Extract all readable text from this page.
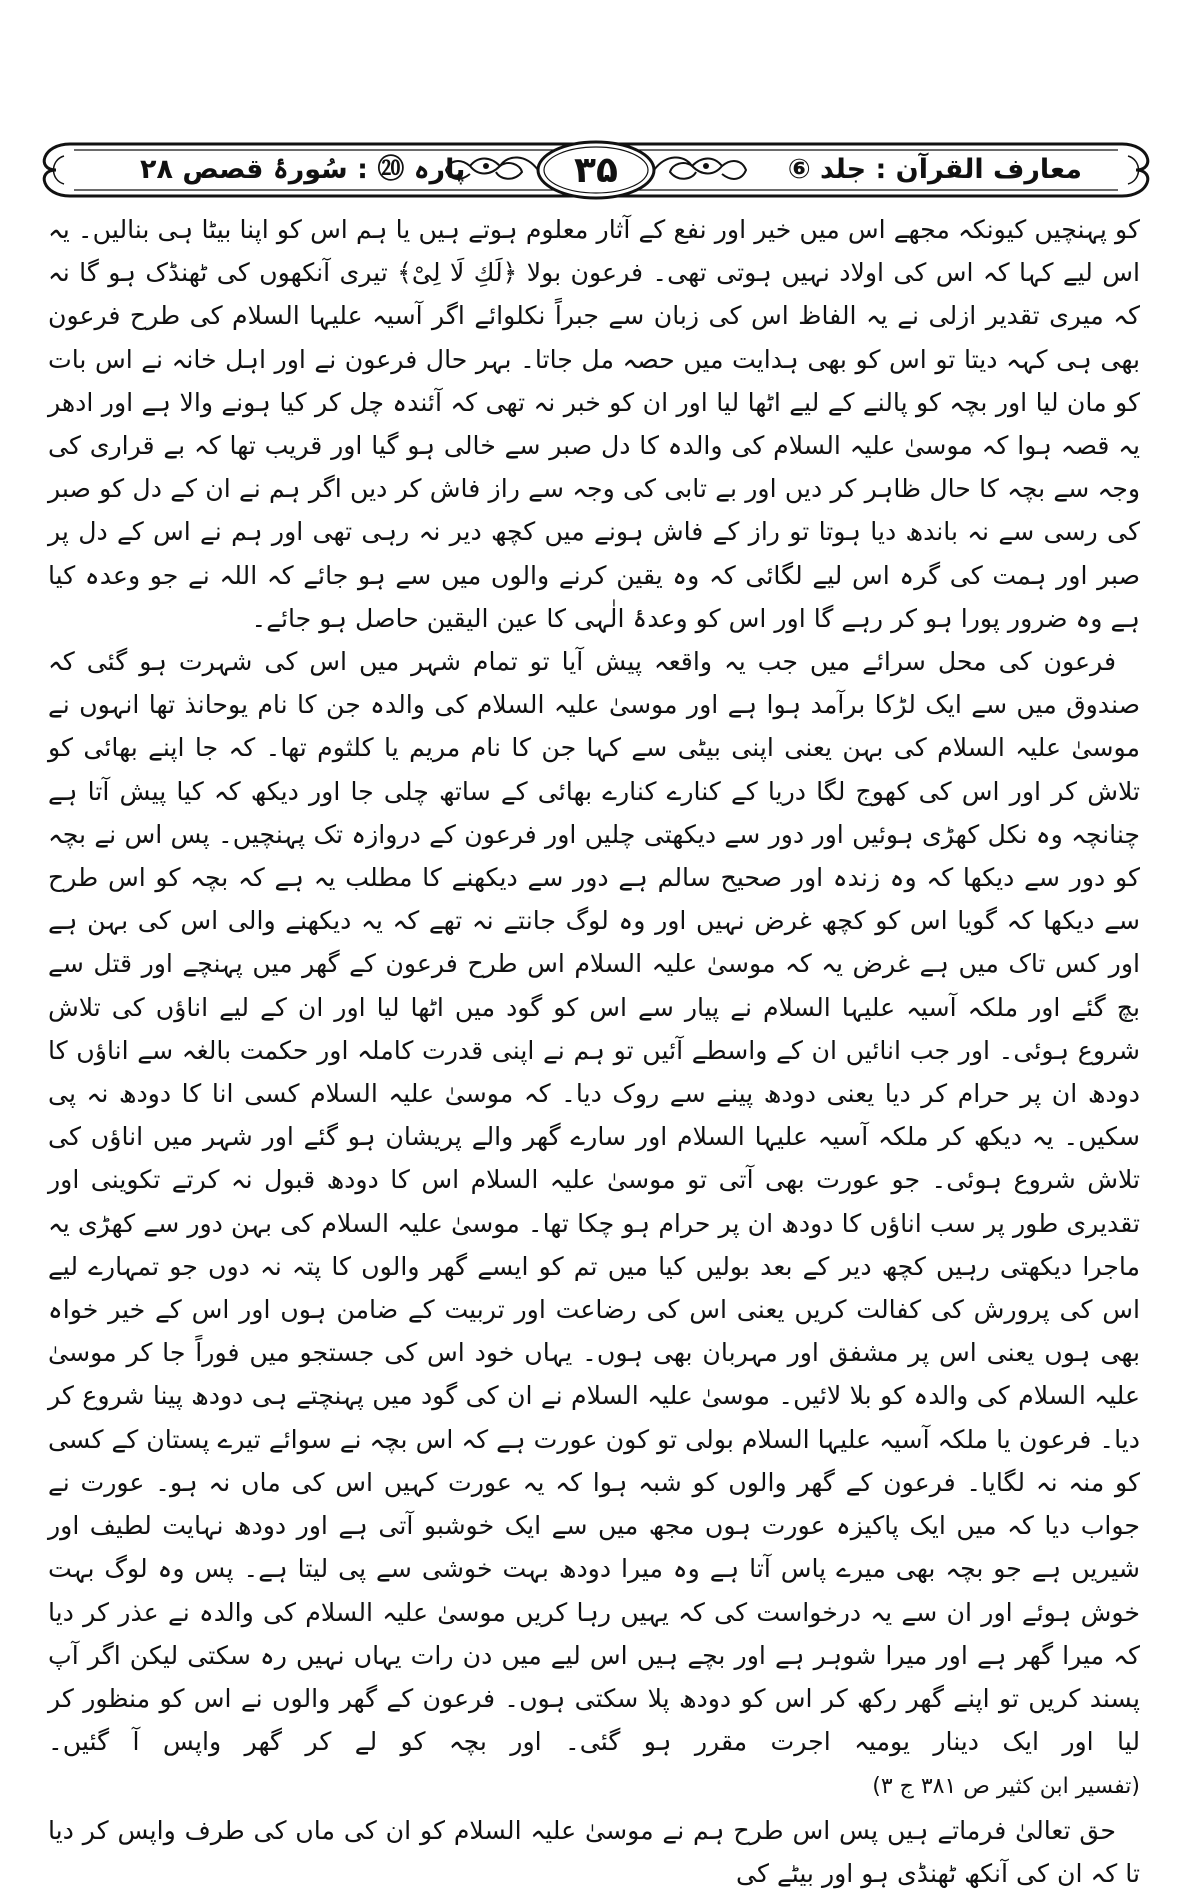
معارف القرآن : جلد ⑥
۳۵
پارہ ⑳ : سُورۂ قصص ۲۸

کو پہنچیں کیونکہ مجھے اس میں خیر اور نفع کے آثار معلوم ہوتے ہیں یا ہم اس کو اپنا بیٹا ہی بنالیں۔ یہ اس لیے کہا کہ اس کی اولاد نہیں ہوتی تھی۔ فرعون بولا ﴿لَكِ لَا لِیْ﴾ تیری آنکھوں کی ٹھنڈک ہو گا نہ کہ میری تقدیر ازلی نے یہ الفاظ اس کی زبان سے جبراً نکلوائے اگر آسیہ علیہا السلام کی طرح فرعون بھی ہی کہہ دیتا تو اس کو بھی ہدایت میں حصہ مل جاتا۔ بہر حال فرعون نے اور اہل خانہ نے اس بات کو مان لیا اور بچہ کو پالنے کے لیے اٹھا لیا اور ان کو خبر نہ تھی کہ آئندہ چل کر کیا ہونے والا ہے اور ادھر یہ قصہ ہوا کہ موسیٰ علیہ السلام کی والدہ کا دل صبر سے خالی ہو گیا اور قریب تھا کہ بے قراری کی وجہ سے بچہ کا حال ظاہر کر دیں اور بے تابی کی وجہ سے راز فاش کر دیں اگر ہم نے ان کے دل کو صبر کی رسی سے نہ باندھ دیا ہوتا تو راز کے فاش ہونے میں کچھ دیر نہ رہی تھی اور ہم نے اس کے دل پر صبر اور ہمت کی گرہ اس لیے لگائی کہ وہ یقین کرنے والوں میں سے ہو جائے کہ اللہ نے جو وعدہ کیا ہے وہ ضرور پورا ہو کر رہے گا اور اس کو وعدۂ الٰہی کا عین الیقین حاصل ہو جائے۔

فرعون کی محل سرائے میں جب یہ واقعہ پیش آیا تو تمام شہر میں اس کی شہرت ہو گئی کہ صندوق میں سے ایک لڑکا برآمد ہوا ہے اور موسیٰ علیہ السلام کی والدہ جن کا نام یوحانذ تھا انہوں نے موسیٰ علیہ السلام کی بہن یعنی اپنی بیٹی سے کہا جن کا نام مریم یا کلثوم تھا۔ کہ جا اپنے بھائی کو تلاش کر اور اس کی کھوج لگا دریا کے کنارے کنارے بھائی کے ساتھ چلی جا اور دیکھ کہ کیا پیش آتا ہے چنانچہ وہ نکل کھڑی ہوئیں اور دور سے دیکھتی چلیں اور فرعون کے دروازہ تک پہنچیں۔ پس اس نے بچہ کو دور سے دیکھا کہ وہ زندہ اور صحیح سالم ہے دور سے دیکھنے کا مطلب یہ ہے کہ بچہ کو اس طرح سے دیکھا کہ گویا اس کو کچھ غرض نہیں اور وہ لوگ جانتے نہ تھے کہ یہ دیکھنے والی اس کی بہن ہے اور کس تاک میں ہے غرض یہ کہ موسیٰ علیہ السلام اس طرح فرعون کے گھر میں پہنچے اور قتل سے بچ گئے اور ملکہ آسیہ علیہا السلام نے پیار سے اس کو گود میں اٹھا لیا اور ان کے لیے اناؤں کی تلاش شروع ہوئی۔ اور جب انائیں ان کے واسطے آئیں تو ہم نے اپنی قدرت کاملہ اور حکمت بالغہ سے اناؤں کا دودھ ان پر حرام کر دیا یعنی دودھ پینے سے روک دیا۔ کہ موسیٰ علیہ السلام کسی انا کا دودھ نہ پی سکیں۔ یہ دیکھ کر ملکہ آسیہ علیہا السلام اور سارے گھر والے پریشان ہو گئے اور شہر میں اناؤں کی تلاش شروع ہوئی۔ جو عورت بھی آتی تو موسیٰ علیہ السلام اس کا دودھ قبول نہ کرتے تکوینی اور تقدیری طور پر سب اناؤں کا دودھ ان پر حرام ہو چکا تھا۔ موسیٰ علیہ السلام کی بہن دور سے کھڑی یہ ماجرا دیکھتی رہیں کچھ دیر کے بعد بولیں کیا میں تم کو ایسے گھر والوں کا پتہ نہ دوں جو تمہارے لیے اس کی پرورش کی کفالت کریں یعنی اس کی رضاعت اور تربیت کے ضامن ہوں اور اس کے خیر خواہ بھی ہوں یعنی اس پر مشفق اور مہربان بھی ہوں۔ یہاں خود اس کی جستجو میں فوراً جا کر موسیٰ علیہ السلام کی والدہ کو بلا لائیں۔ موسیٰ علیہ السلام نے ان کی گود میں پہنچتے ہی دودھ پینا شروع کر دیا۔ فرعون یا ملکہ آسیہ علیہا السلام بولی تو کون عورت ہے کہ اس بچہ نے سوائے تیرے پستان کے کسی کو منہ نہ لگایا۔ فرعون کے گھر والوں کو شبہ ہوا کہ یہ عورت کہیں اس کی ماں نہ ہو۔ عورت نے جواب دیا کہ میں ایک پاکیزہ عورت ہوں مجھ میں سے ایک خوشبو آتی ہے اور دودھ نہایت لطیف اور شیریں ہے جو بچہ بھی میرے پاس آتا ہے وہ میرا دودھ بہت خوشی سے پی لیتا ہے۔ پس وہ لوگ بہت خوش ہوئے اور ان سے یہ درخواست کی کہ یہیں رہا کریں موسیٰ علیہ السلام کی والدہ نے عذر کر دیا کہ میرا گھر ہے اور میرا شوہر ہے اور بچے ہیں اس لیے میں دن رات یہاں نہیں رہ سکتی لیکن اگر آپ پسند کریں تو اپنے گھر رکھ کر اس کو دودھ پلا سکتی ہوں۔ فرعون کے گھر والوں نے اس کو منظور کر لیا اور ایک دینار یومیہ اجرت مقرر ہو گئی۔ اور بچہ کو لے کر گھر واپس آ گئیں۔ (تفسیر ابن کثیر ص ۳۸۱ ج ۳)

حق تعالیٰ فرماتے ہیں پس اس طرح ہم نے موسیٰ علیہ السلام کو ان کی ماں کی طرف واپس کر دیا تا کہ ان کی آنکھ ٹھنڈی ہو اور بیٹے کی
